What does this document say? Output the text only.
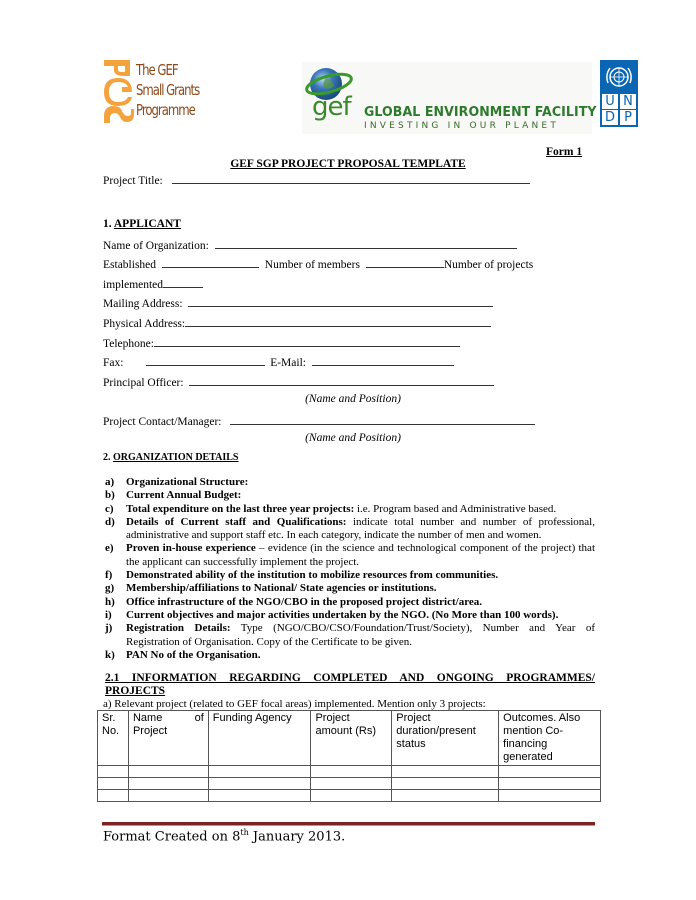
The GEF
Small Grants
Programme	gef GLOBAL ENVIRONMENT FACILITY
INVESTING IN OUR PLANET
U N
D P
Form 1
GEF SGP PROJECT PROPOSAL TEMPLATE
Project Title:
1. APPLICANT
Name of Organization:
Established	Number of members	Number of projects
implemented
Mailing Address:
Physical Address:
Telephone:
Fax:	E-Mail:
Principal Officer:
(Name and Position)
Project Contact/Manager:
(Name and Position)
2. ORGANIZATION DETAILS
a)	Organizational Structure:
b)	Current Annual Budget:
c)	Total expenditure on the last three year projects: i.e. Program based and Administrative based.
d)	Details of Current staff and Qualifications: indicate total number and number of professional, administrative and support staff etc. In each category, indicate the number of men and women.
e)	Proven in-house experience – evidence (in the science and technological component of the project) that the applicant can successfully implement the project.
f)	Demonstrated ability of the institution to mobilize resources from communities.
g)	Membership/affiliations to National/ State agencies or institutions.
h)	Office infrastructure of the NGO/CBO in the proposed project district/area.
i)	Current objectives and major activities undertaken by the NGO. (No More than 100 words).
j)	Registration Details: Type (NGO/CBO/CSO/Foundation/Trust/Society), Number and Year of Registration of Organisation. Copy of the Certificate to be given.
k)	PAN No of the Organisation.
2.1 INFORMATION REGARDING COMPLETED AND ONGOING PROGRAMMES/
PROJECTS
a) Relevant project (related to GEF focal areas) implemented. Mention only 3 projects:
Sr. No.	Name of Project	Funding Agency	Project amount (Rs)	Project duration/present status	Outcomes. Also mention Co-financing generated

Format Created on 8th January 2013.
